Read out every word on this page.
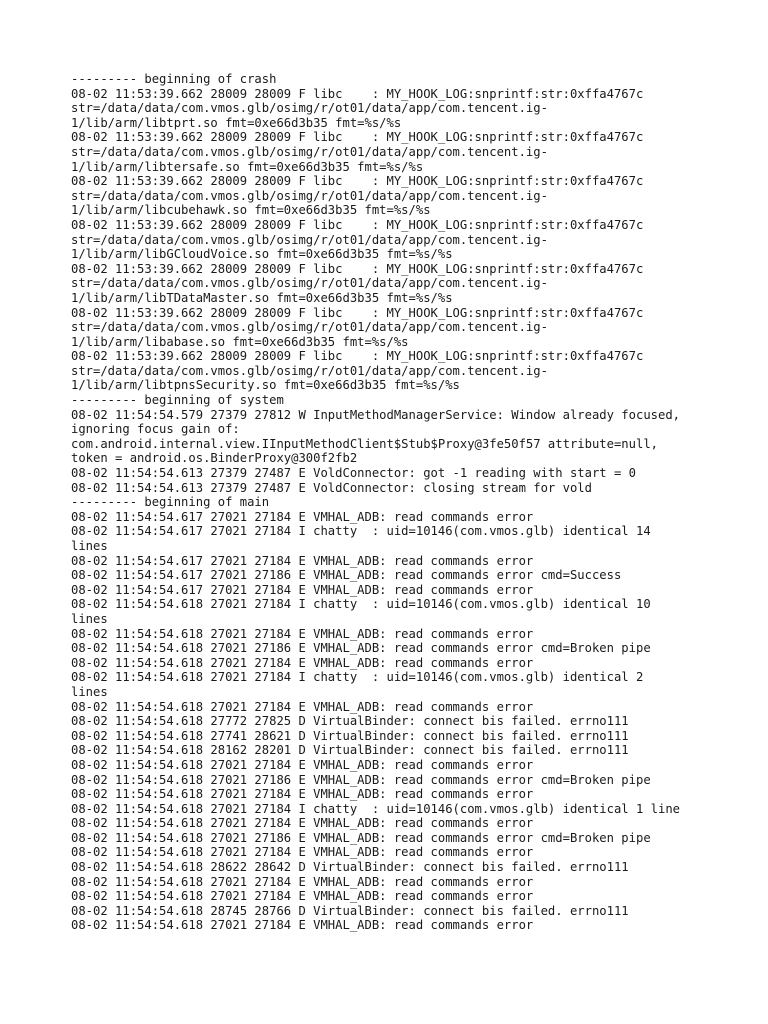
--------- beginning of crash
08-02 11:53:39.662 28009 28009 F libc    : MY_HOOK_LOG:snprintf:str:0xffa4767c
str=/data/data/com.vmos.glb/osimg/r/ot01/data/app/com.tencent.ig-
1/lib/arm/libtprt.so fmt=0xe66d3b35 fmt=%s/%s
08-02 11:53:39.662 28009 28009 F libc    : MY_HOOK_LOG:snprintf:str:0xffa4767c
str=/data/data/com.vmos.glb/osimg/r/ot01/data/app/com.tencent.ig-
1/lib/arm/libtersafe.so fmt=0xe66d3b35 fmt=%s/%s
08-02 11:53:39.662 28009 28009 F libc    : MY_HOOK_LOG:snprintf:str:0xffa4767c
str=/data/data/com.vmos.glb/osimg/r/ot01/data/app/com.tencent.ig-
1/lib/arm/libcubehawk.so fmt=0xe66d3b35 fmt=%s/%s
08-02 11:53:39.662 28009 28009 F libc    : MY_HOOK_LOG:snprintf:str:0xffa4767c
str=/data/data/com.vmos.glb/osimg/r/ot01/data/app/com.tencent.ig-
1/lib/arm/libGCloudVoice.so fmt=0xe66d3b35 fmt=%s/%s
08-02 11:53:39.662 28009 28009 F libc    : MY_HOOK_LOG:snprintf:str:0xffa4767c
str=/data/data/com.vmos.glb/osimg/r/ot01/data/app/com.tencent.ig-
1/lib/arm/libTDataMaster.so fmt=0xe66d3b35 fmt=%s/%s
08-02 11:53:39.662 28009 28009 F libc    : MY_HOOK_LOG:snprintf:str:0xffa4767c
str=/data/data/com.vmos.glb/osimg/r/ot01/data/app/com.tencent.ig-
1/lib/arm/libabase.so fmt=0xe66d3b35 fmt=%s/%s
08-02 11:53:39.662 28009 28009 F libc    : MY_HOOK_LOG:snprintf:str:0xffa4767c
str=/data/data/com.vmos.glb/osimg/r/ot01/data/app/com.tencent.ig-
1/lib/arm/libtpnsSecurity.so fmt=0xe66d3b35 fmt=%s/%s
--------- beginning of system
08-02 11:54:54.579 27379 27812 W InputMethodManagerService: Window already focused,
ignoring focus gain of:
com.android.internal.view.IInputMethodClient$Stub$Proxy@3fe50f57 attribute=null,
token = android.os.BinderProxy@300f2fb2
08-02 11:54:54.613 27379 27487 E VoldConnector: got -1 reading with start = 0
08-02 11:54:54.613 27379 27487 E VoldConnector: closing stream for vold
--------- beginning of main
08-02 11:54:54.617 27021 27184 E VMHAL_ADB: read commands error
08-02 11:54:54.617 27021 27184 I chatty  : uid=10146(com.vmos.glb) identical 14
lines
08-02 11:54:54.617 27021 27184 E VMHAL_ADB: read commands error
08-02 11:54:54.617 27021 27186 E VMHAL_ADB: read commands error cmd=Success
08-02 11:54:54.617 27021 27184 E VMHAL_ADB: read commands error
08-02 11:54:54.618 27021 27184 I chatty  : uid=10146(com.vmos.glb) identical 10
lines
08-02 11:54:54.618 27021 27184 E VMHAL_ADB: read commands error
08-02 11:54:54.618 27021 27186 E VMHAL_ADB: read commands error cmd=Broken pipe
08-02 11:54:54.618 27021 27184 E VMHAL_ADB: read commands error
08-02 11:54:54.618 27021 27184 I chatty  : uid=10146(com.vmos.glb) identical 2
lines
08-02 11:54:54.618 27021 27184 E VMHAL_ADB: read commands error
08-02 11:54:54.618 27772 27825 D VirtualBinder: connect bis failed. errno111
08-02 11:54:54.618 27741 28621 D VirtualBinder: connect bis failed. errno111
08-02 11:54:54.618 28162 28201 D VirtualBinder: connect bis failed. errno111
08-02 11:54:54.618 27021 27184 E VMHAL_ADB: read commands error
08-02 11:54:54.618 27021 27186 E VMHAL_ADB: read commands error cmd=Broken pipe
08-02 11:54:54.618 27021 27184 E VMHAL_ADB: read commands error
08-02 11:54:54.618 27021 27184 I chatty  : uid=10146(com.vmos.glb) identical 1 line
08-02 11:54:54.618 27021 27184 E VMHAL_ADB: read commands error
08-02 11:54:54.618 27021 27186 E VMHAL_ADB: read commands error cmd=Broken pipe
08-02 11:54:54.618 27021 27184 E VMHAL_ADB: read commands error
08-02 11:54:54.618 28622 28642 D VirtualBinder: connect bis failed. errno111
08-02 11:54:54.618 27021 27184 E VMHAL_ADB: read commands error
08-02 11:54:54.618 27021 27184 E VMHAL_ADB: read commands error
08-02 11:54:54.618 28745 28766 D VirtualBinder: connect bis failed. errno111
08-02 11:54:54.618 27021 27184 E VMHAL_ADB: read commands error
